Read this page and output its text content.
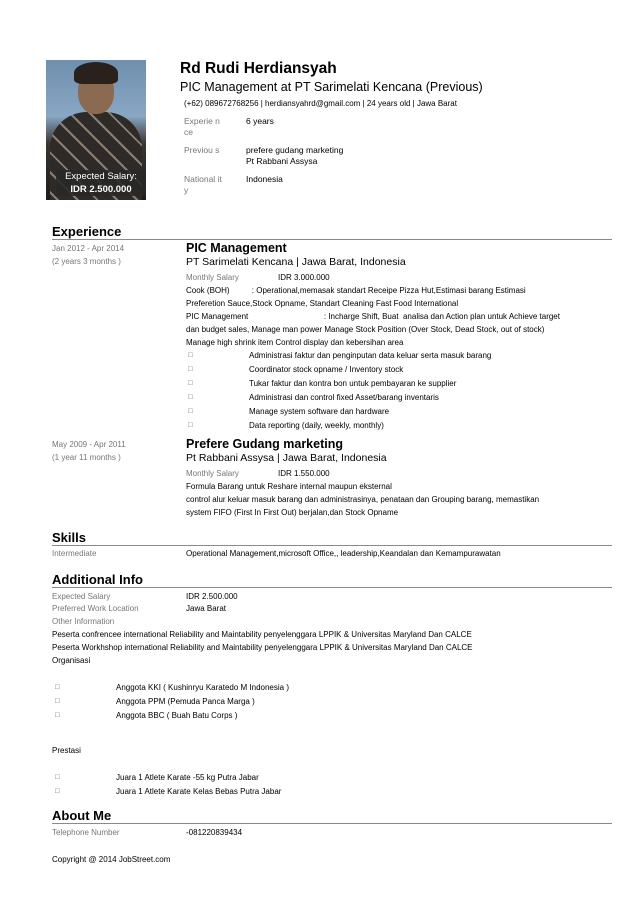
Expected Salary:
IDR 2.500.000
Rd Rudi Herdiansyah
PIC Management at PT Sarimelati Kencana (Previous)
(+62) 089672768256 | herdiansyahrd@gmail.com | 24 years old | Jawa Barat
Experie nce
6 years
Previou s	prefere gudang marketing
Pt Rabbani Assysa
National ity
Indonesia
Experience
Jan 2012 - Apr 2014
(2 years 3 months )
PIC Management
PT Sarimelati Kencana | Jawa Barat, Indonesia
Monthly Salary	IDR 3.000.000
Cook (BOH)          : Operational,memasak standart Receipe Pizza Hut,Estimasi barang Estimasi
Preferetion Sauce,Stock Opname, Standart Cleaning Fast Food International
PIC Management                                  : Incharge Shift, Buat  analisa dan Action plan untuk Achieve target
dan budget sales, Manage man power Manage Stock Position (Over Stock, Dead Stock, out of stock)
Manage high shrink item Control display dan kebersihan area
□	Administrasi faktur dan penginputan data keluar serta masuk barang
□	Coordinator stock opname / Inventory stock
□	Tukar faktur dan kontra bon untuk pembayaran ke supplier
□	Administrasi dan control fixed Asset/barang inventaris
□	Manage system software dan hardware
□	Data reporting (daily, weekly, monthly)
May 2009 - Apr 2011
(1 year 11 months )
Prefere Gudang marketing
Pt Rabbani Assysa | Jawa Barat, Indonesia
Monthly Salary	IDR 1.550.000
Formula Barang untuk Reshare internal maupun eksternal
control alur keluar masuk barang dan administrasinya, penataan dan Grouping barang, memastikan
system FIFO (First In First Out) berjalan,dan Stock Opname
Skills
Intermediate	Operational Management,microsoft Office,, leadership,Keandalan dan Kemampurawatan
Additional Info
Expected Salary	IDR 2.500.000
Preferred Work Location	Jawa Barat
Other Information
Peserta confrencee international Reliability and Maintability penyelenggara LPPIK & Universitas Maryland Dan CALCE
Peserta Workhshop international Reliability and Maintability penyelenggara LPPIK & Universitas Maryland Dan CALCE
Organisasi
□	Anggota KKI ( Kushinryu Karatedo M Indonesia )
□	Anggota PPM (Pemuda Panca Marga )
□	Anggota BBC ( Buah Batu Corps )
Prestasi
□	Juara 1 Atlete Karate -55 kg Putra Jabar
□	Juara 1 Atlete Karate Kelas Bebas Putra Jabar
About Me
Telephone Number	-081220839434
Copyright @ 2014 JobStreet.com
